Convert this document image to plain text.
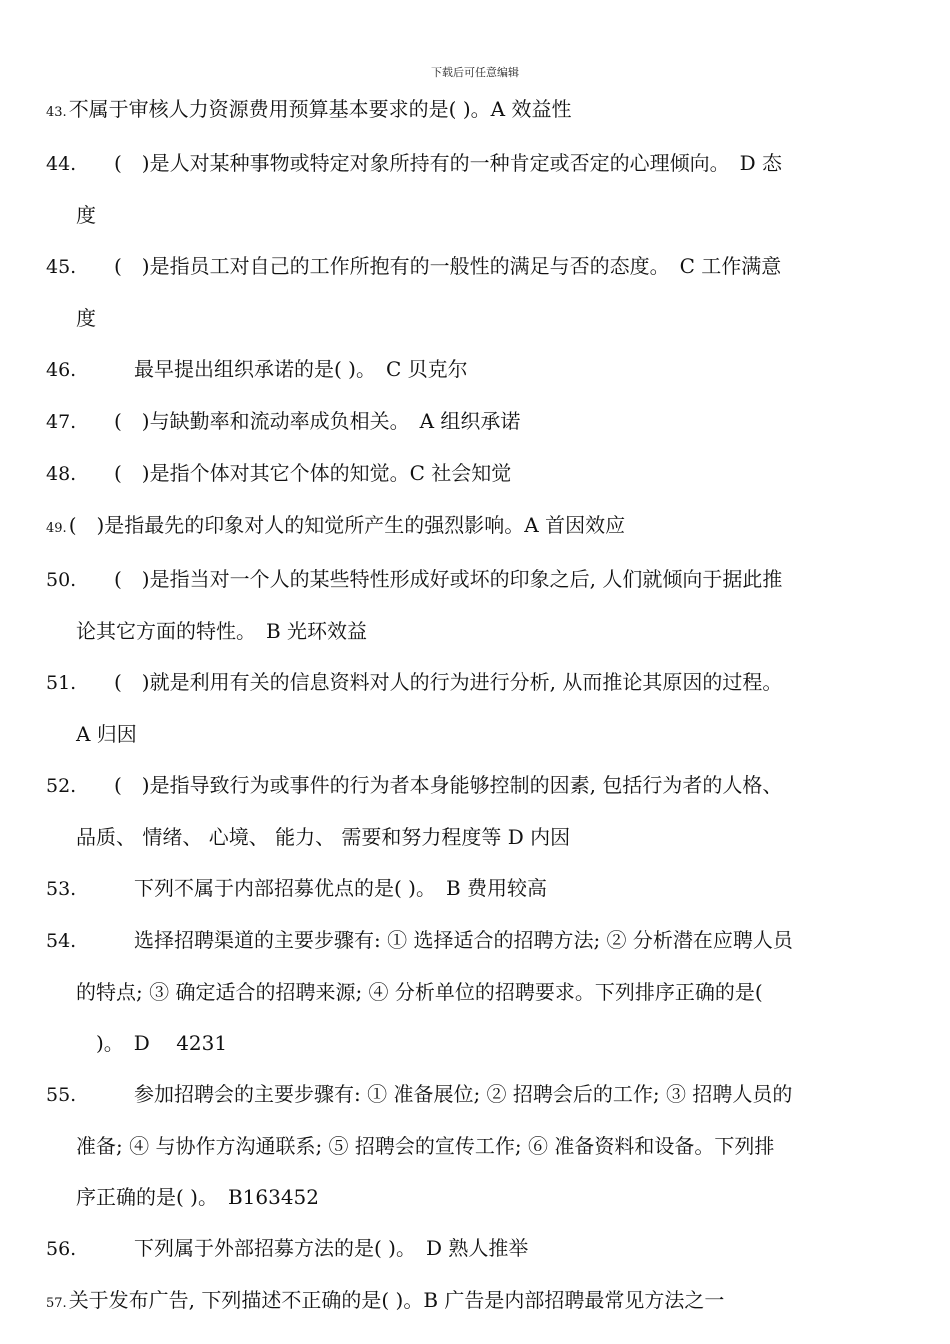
下载后可任意编辑
43. 不属于审核人力资源费用预算基本要求的是( )。A 效益性
44. (　)是人对某种事物或特定对象所持有的一种肯定或否定的心理倾向。　D 态
度
45. (　)是指员工对自己的工作所抱有的一般性的满足与否的态度。　C 工作满意
度
46.　最早提出组织承诺的是( )。　C 贝克尔
47. (　)与缺勤率和流动率成负相关。　A 组织承诺
48. (　)是指个体对其它个体的知觉。C 社会知觉
49. (　)是指最先的印象对人的知觉所产生的强烈影响。A 首因效应
50. (　)是指当对一个人的某些特性形成好或坏的印象之后, 人们就倾向于据此推
论其它方面的特性。　B 光环效益
51. (　)就是利用有关的信息资料对人的行为进行分析, 从而推论其原因的过程。
A 归因
52. (　)是指导致行为或事件的行为者本身能够控制的因素, 包括行为者的人格、
品质、 情绪、 心境、 能力、 需要和努力程度等 D 内因
53.　下列不属于内部招募优点的是( )。　B 费用较高
54.　选择招聘渠道的主要步骤有: ① 选择适合的招聘方法; ② 分析潜在应聘人员
的特点; ③ 确定适合的招聘来源; ④ 分析单位的招聘要求。下列排序正确的是(
　)。　D　 4231
55.　参加招聘会的主要步骤有: ① 准备展位; ② 招聘会后的工作; ③ 招聘人员的
准备; ④ 与协作方沟通联系; ⑤ 招聘会的宣传工作; ⑥ 准备资料和设备。下列排
序正确的是( )。　B163452
56.　下列属于外部招募方法的是( )。　D 熟人推举
57. 关于发布广告, 下列描述不正确的是( )。B 广告是内部招聘最常见方法之一
